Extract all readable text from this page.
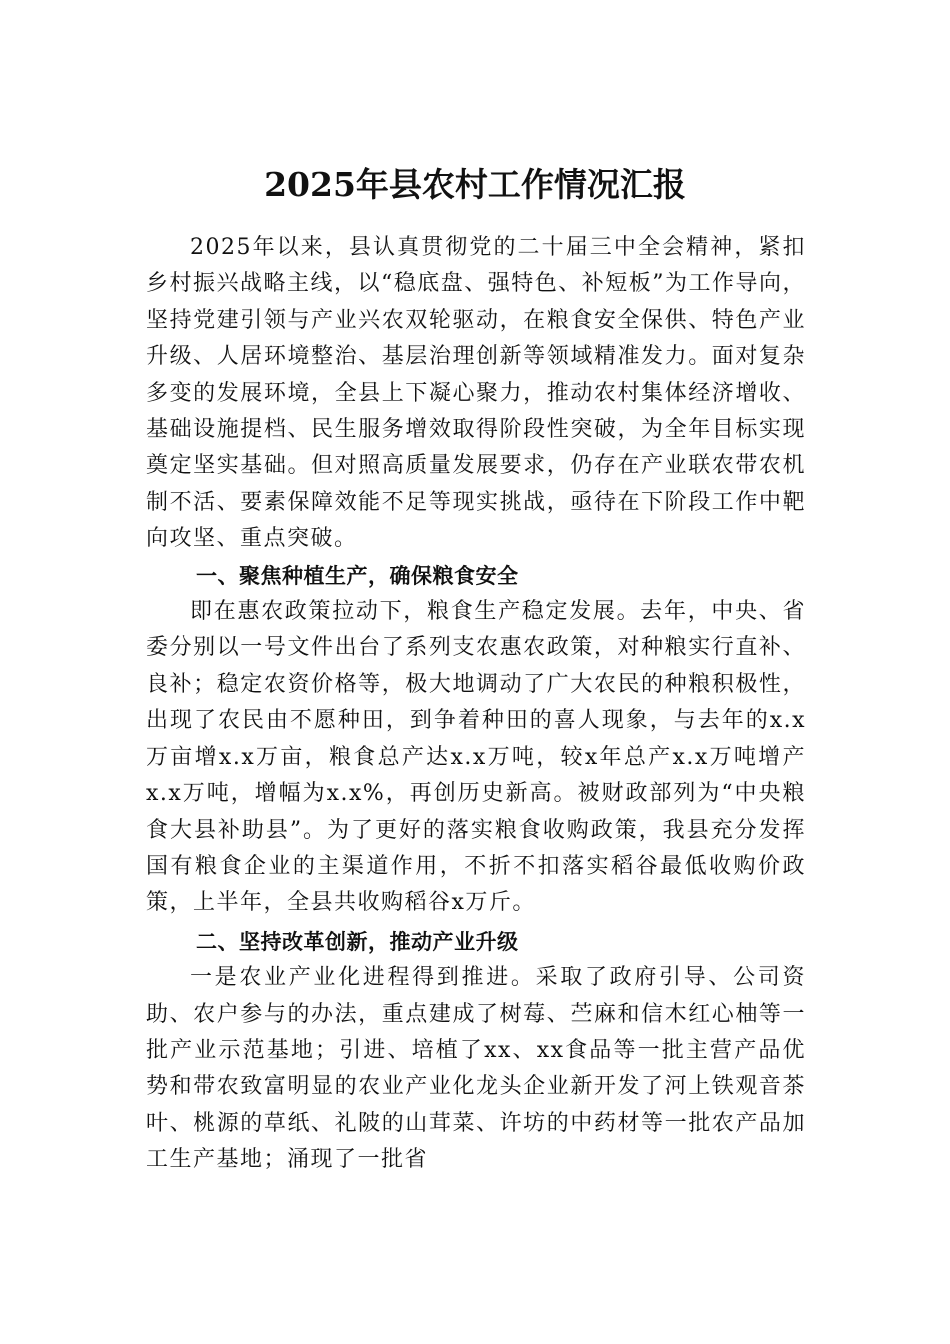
2025年县农村工作情况汇报

2025年以来，县认真贯彻党的二十届三中全会精神，紧扣乡村振兴战略主线，以“稳底盘、强特色、补短板”为工作导向，坚持党建引领与产业兴农双轮驱动，在粮食安全保供、特色产业升级、人居环境整治、基层治理创新等领域精准发力。面对复杂多变的发展环境，全县上下凝心聚力，推动农村集体经济增收、基础设施提档、民生服务增效取得阶段性突破，为全年目标实现奠定坚实基础。但对照高质量发展要求，仍存在产业联农带农机制不活、要素保障效能不足等现实挑战，亟待在下阶段工作中靶向攻坚、重点突破。

一、聚焦种植生产，确保粮食安全

即在惠农政策拉动下，粮食生产稳定发展。去年，中央、省委分别以一号文件出台了系列支农惠农政策，对种粮实行直补、良补；稳定农资价格等，极大地调动了广大农民的种粮积极性，出现了农民由不愿种田，到争着种田的喜人现象，与去年的x.x万亩增x.x万亩，粮食总产达x.x万吨，较x年总产x.x万吨增产x.x万吨，增幅为x.x%，再创历史新高。被财政部列为“中央粮食大县补助县”。为了更好的落实粮食收购政策，我县充分发挥国有粮食企业的主渠道作用，不折不扣落实稻谷最低收购价政策，上半年，全县共收购稻谷x万斤。

二、坚持改革创新，推动产业升级

一是农业产业化进程得到推进。采取了政府引导、公司资助、农户参与的办法，重点建成了树莓、苎麻和信木红心柚等一批产业示范基地；引进、培植了xx、xx食品等一批主营产品优势和带农致富明显的农业产业化龙头企业新开发了河上铁观音茶叶、桃源的草纸、礼陂的山茸菜、许坊的中药材等一批农产品加工生产基地；涌现了一批省
